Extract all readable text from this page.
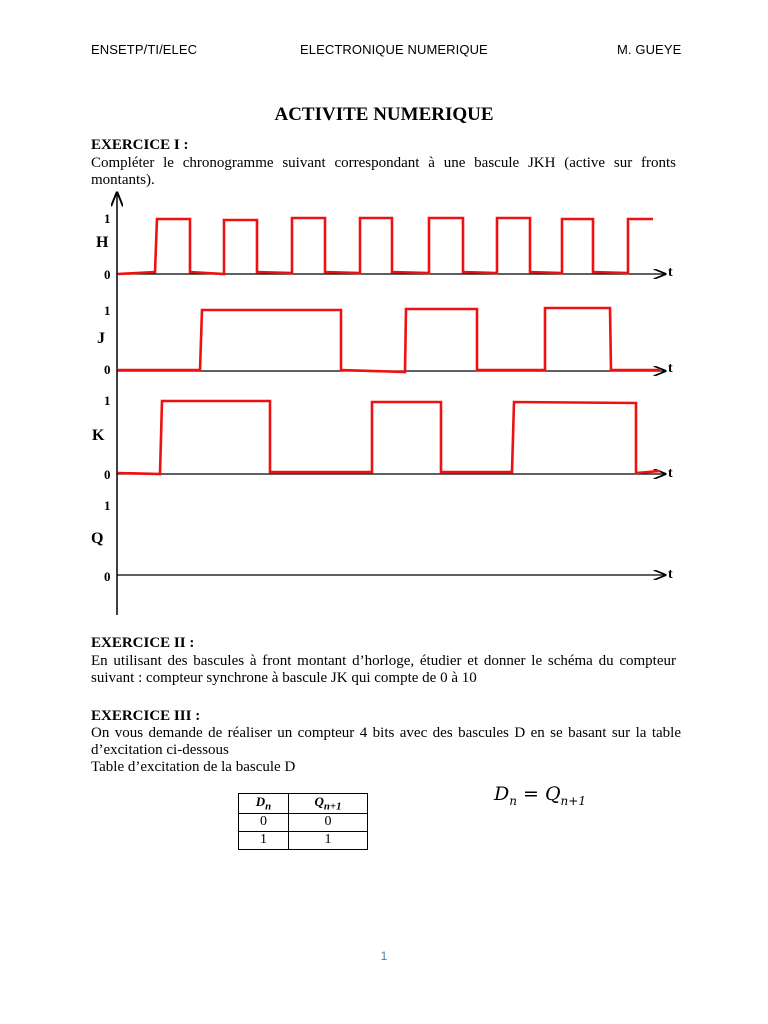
ENSETP/TI/ELEC	ELECTRONIQUE NUMERIQUE	M. GUEYE
ACTIVITE NUMERIQUE
EXERCICE I :
Compléter le chronogramme suivant correspondant à une bascule JKH (active sur fronts montants).
1
H
0	t
1
J
0	t
1
K
0	t
1
Q
0	t
EXERCICE II :
En utilisant des bascules à front montant d’horloge, étudier et donner le schéma du compteur suivant : compteur synchrone à bascule JK qui compte de 0 à 10
EXERCICE III :
On vous demande de réaliser un compteur 4 bits avec des bascules D en se basant sur la table d’excitation ci-dessous
Table d’excitation de la bascule D
$D_n$	$Q_{n+1}$
0	0
1	1
$D_n = Q_{n+1}$
1
